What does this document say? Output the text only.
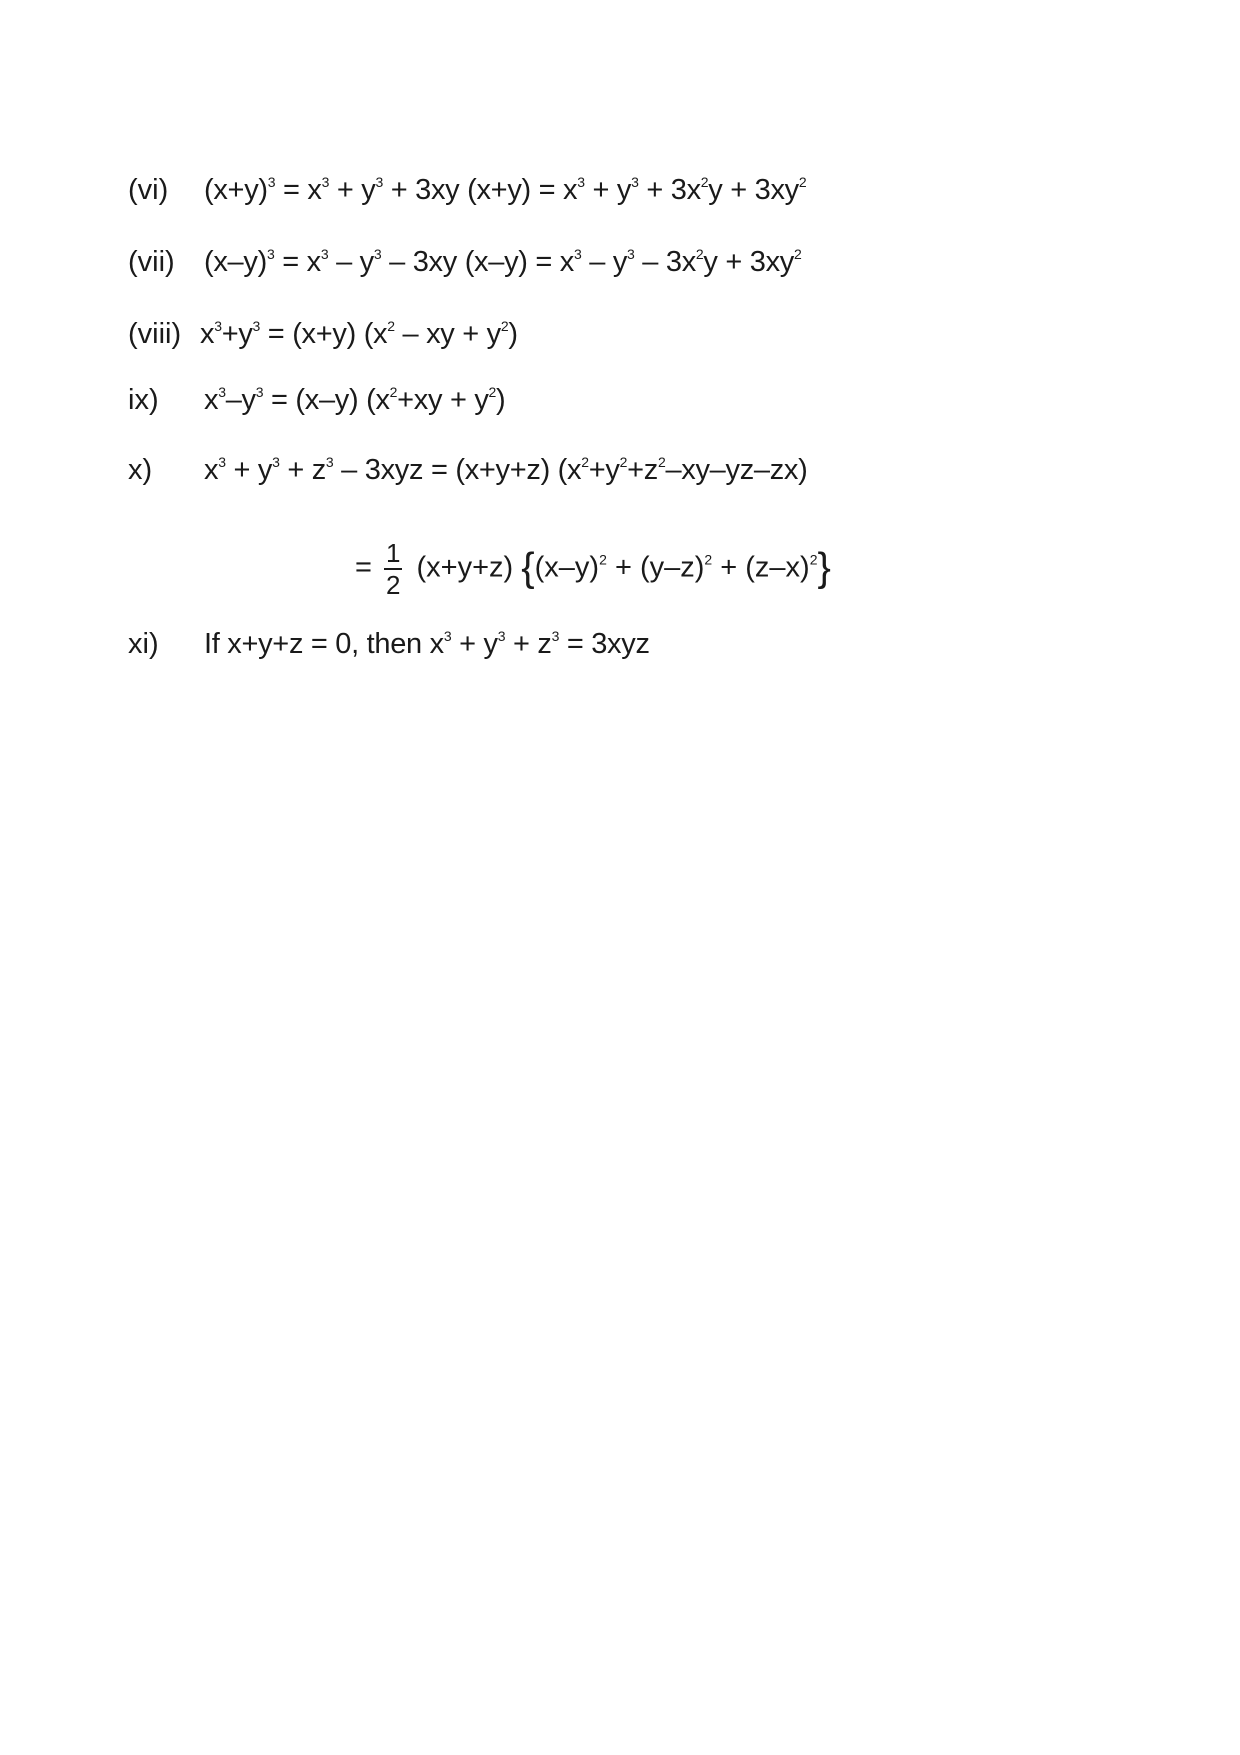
(vi) $(x+y)^3 = x^3 + y^3 + 3xy$ $(x+y) = x^3 + y^3 + 3x^2y + 3xy^2$
(vii) $(x-y)^3 = x^3 - y^3 - 3xy$ $(x-y) = x^3 - y^3 - 3x^2y + 3xy^2$
(viii) $x^3+y^3 = (x+y)$ ($x^2$ – xy + $y^2$)
ix) $x^3-y^3 = (x-y) (x^2+xy + y^2)$
x) $x^3 + y^3 + z^3 - 3xyz = (x+y+z)$ $(x^2+y^2+z^2-xy-yz-zx)$
= $\frac{1}{2} (x+y+z) \{(x-y)^2 + (y-z)^2 + (z-x)^2\}$
xi) If x+y+z = 0, then $x^3 + y^3 + z^3 = 3xyz$
